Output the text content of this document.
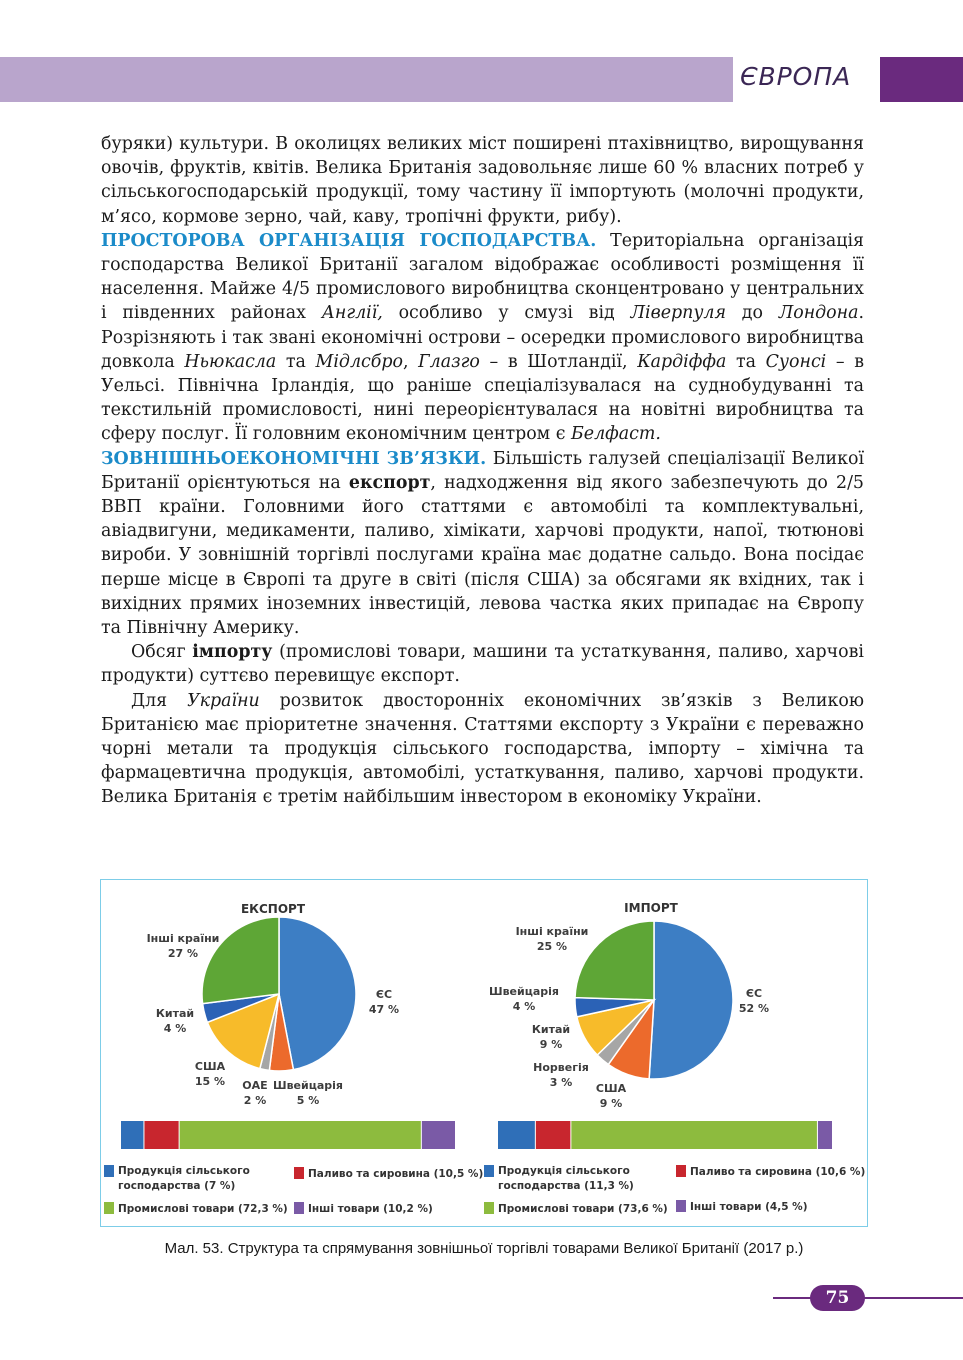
ЄВРОПА

буряки) культури. В околицях великих міст поширені птахівництво, вирощування овочів, фруктів, квітів. Велика Британія задовольняє лише 60 % власних потреб у сільськогосподарській продукції, тому частину її імпортують (молочні продукти, м’ясо, кормове зерно, чай, каву, тропічні фрукти, рибу).

ПРОСТОРОВА ОРГАНІЗАЦІЯ ГОСПОДАРСТВА. Територіальна організація господарства Великої Британії загалом відображає особливості розміщення її населення. Майже 4/5 промислового виробництва сконцентровано у центральних і південних районах Англії, особливо у смузі від Ліверпуля до Лондона. Розрізняють і так звані економічні острови – осередки промислового виробництва довкола Ньюкасла та Мідлсбро, Глазго – в Шотландії, Кардіффа та Суонсі – в Уельсі. Північна Ірландія, що раніше спеціалізувалася на суднобудуванні та текстильній промисловості, нині переорієнтувалася на новітні виробництва та сферу послуг. Її головним економічним центром є Белфаст.

ЗОВНІШНЬОЕКОНОМІЧНІ ЗВ’ЯЗКИ. Більшість галузей спеціалізації Великої Британії орієнтуються на експорт, надходження від якого забезпечують до 2/5 ВВП країни. Головними його статтями є автомобілі та комплектувальні, авіадвигуни, медикаменти, паливо, хімікати, харчові продукти, напої, тютюнові вироби. У зовнішній торгівлі послугами країна має додатне сальдо. Вона посідає перше місце в Європі та друге в світі (після США) за обсягами як вхідних, так і вихідних прямих іноземних інвестицій, левова частка яких припадає на Європу та Північну Америку.

Обсяг імпорту (промислові товари, машини та устаткування, паливо, харчові продукти) суттєво перевищує експорт.

Для України розвиток двосторонніх економічних зв’язків з Великою Британією має пріоритетне значення. Статтями експорту з України є переважно чорні метали та продукція сільського господарства, імпорту – хімічна та фармацевтична продукція, автомобілі, устаткування, паливо, харчові продукти. Велика Британія є третім найбільшим інвестором в економіку України.

ЕКСПОРТ
ЄС
47 %
Швейцарія
5 %
ОАЕ
2 %
США
15 %
Китай
4 %
Інші країни
27 %
ІМПОРТ
ЄС
52 %
США
9 %
Норвегія
3 %
Китай
9 %
Швейцарія
4 %
Інші країни
25 %
Продукція сільського
господарства (7 %)
Паливо та сировина (10,5 %)
Промислові товари (72,3 %) Інші товари (10,2 %)
Продукція сільського
господарства (11,3 %)
Паливо та сировина (10,6 %)
Промислові товари (73,6 %) Інші товари (4,5 %)
Мал. 53. Структура та спрямування зовнішньої торгівлі товарами Великої Британії (2017 р.)
75
